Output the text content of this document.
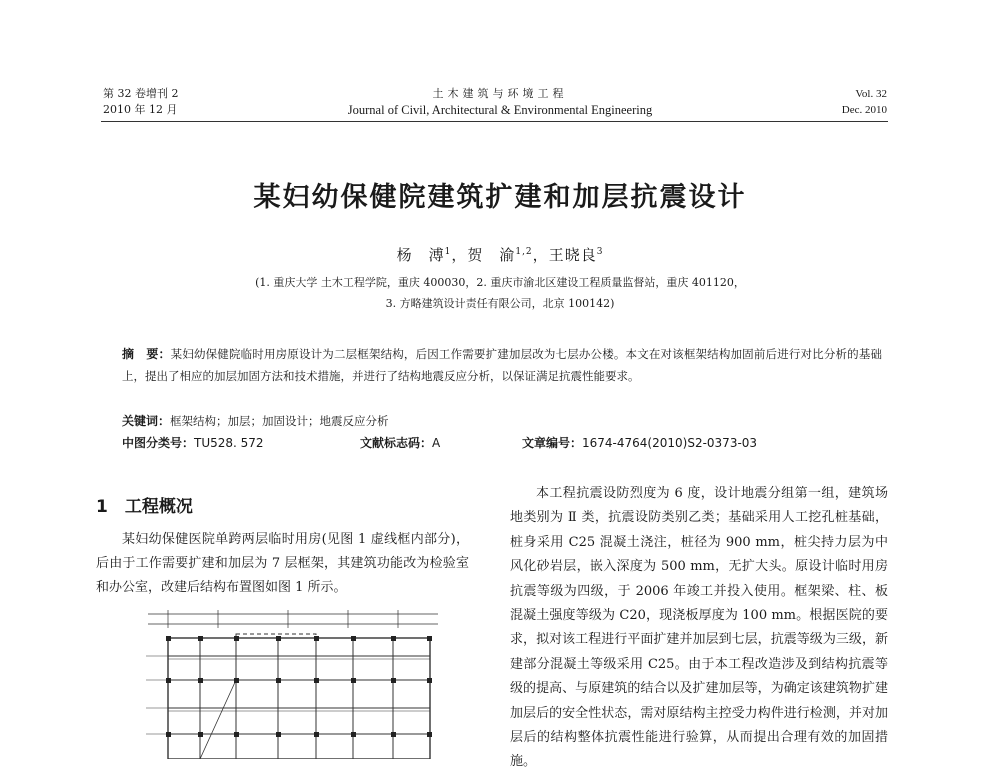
第 32 卷增刊 2
2010 年 12 月
土木建筑与环境工程
Journal of Civil, Architectural & Environmental Engineering
Vol. 32
Dec. 2010
某妇幼保健院建筑扩建和加层抗震设计
杨　溥$^1$，贺　渝$^{1,2}$，王晓良$^3$
(1. 重庆大学 土木工程学院，重庆 400030，2. 重庆市渝北区建设工程质量监督站，重庆 401120，
3. 方略建筑设计责任有限公司，北京 100142)
摘　要：某妇幼保健院临时用房原设计为二层框架结构，后因工作需要扩建加层改为七层办公楼。本文在对该框架结构加固前后进行对比分析的基础上，提出了相应的加层加固方法和技术措施，并进行了结构地震反应分析，以保证满足抗震性能要求。
关键词：框架结构；加层；加固设计；地震反应分析
中图分类号：TU528. 572	文献标志码：A	文章编号：1674-4764(2010)S2-0373-03
1　工程概况
某妇幼保健医院单跨两层临时用房(见图 1 虚线框内部分)，后由于工作需要扩建和加层为 7 层框架，其建筑功能改为检验室和办公室，改建后结构布置图如图 1 所示。
本工程抗震设防烈度为 6 度，设计地震分组第一组，建筑场地类别为 Ⅱ 类，抗震设防类别乙类；基础采用人工挖孔桩基础，桩身采用 C25 混凝土浇注，桩径为 900 mm，桩尖持力层为中风化砂岩层，嵌入深度为 500 mm，无扩大头。原设计临时用房抗震等级为四级，于 2006 年竣工并投入使用。框架梁、柱、板混凝土强度等级为 C20，现浇板厚度为 100 mm。根据医院的要求，拟对该工程进行平面扩建并加层到七层，抗震等级为三级，新建部分混凝土等级采用 C25。由于本工程改造涉及到结构抗震等级的提高、与原建筑的结合以及扩建加层等，为确定该建筑物扩建加层后的安全性状态，需对原结构主控受力构件进行检测，并对加层后的结构整体抗震性能进行验算，从而提出合理有效的加固措施。
